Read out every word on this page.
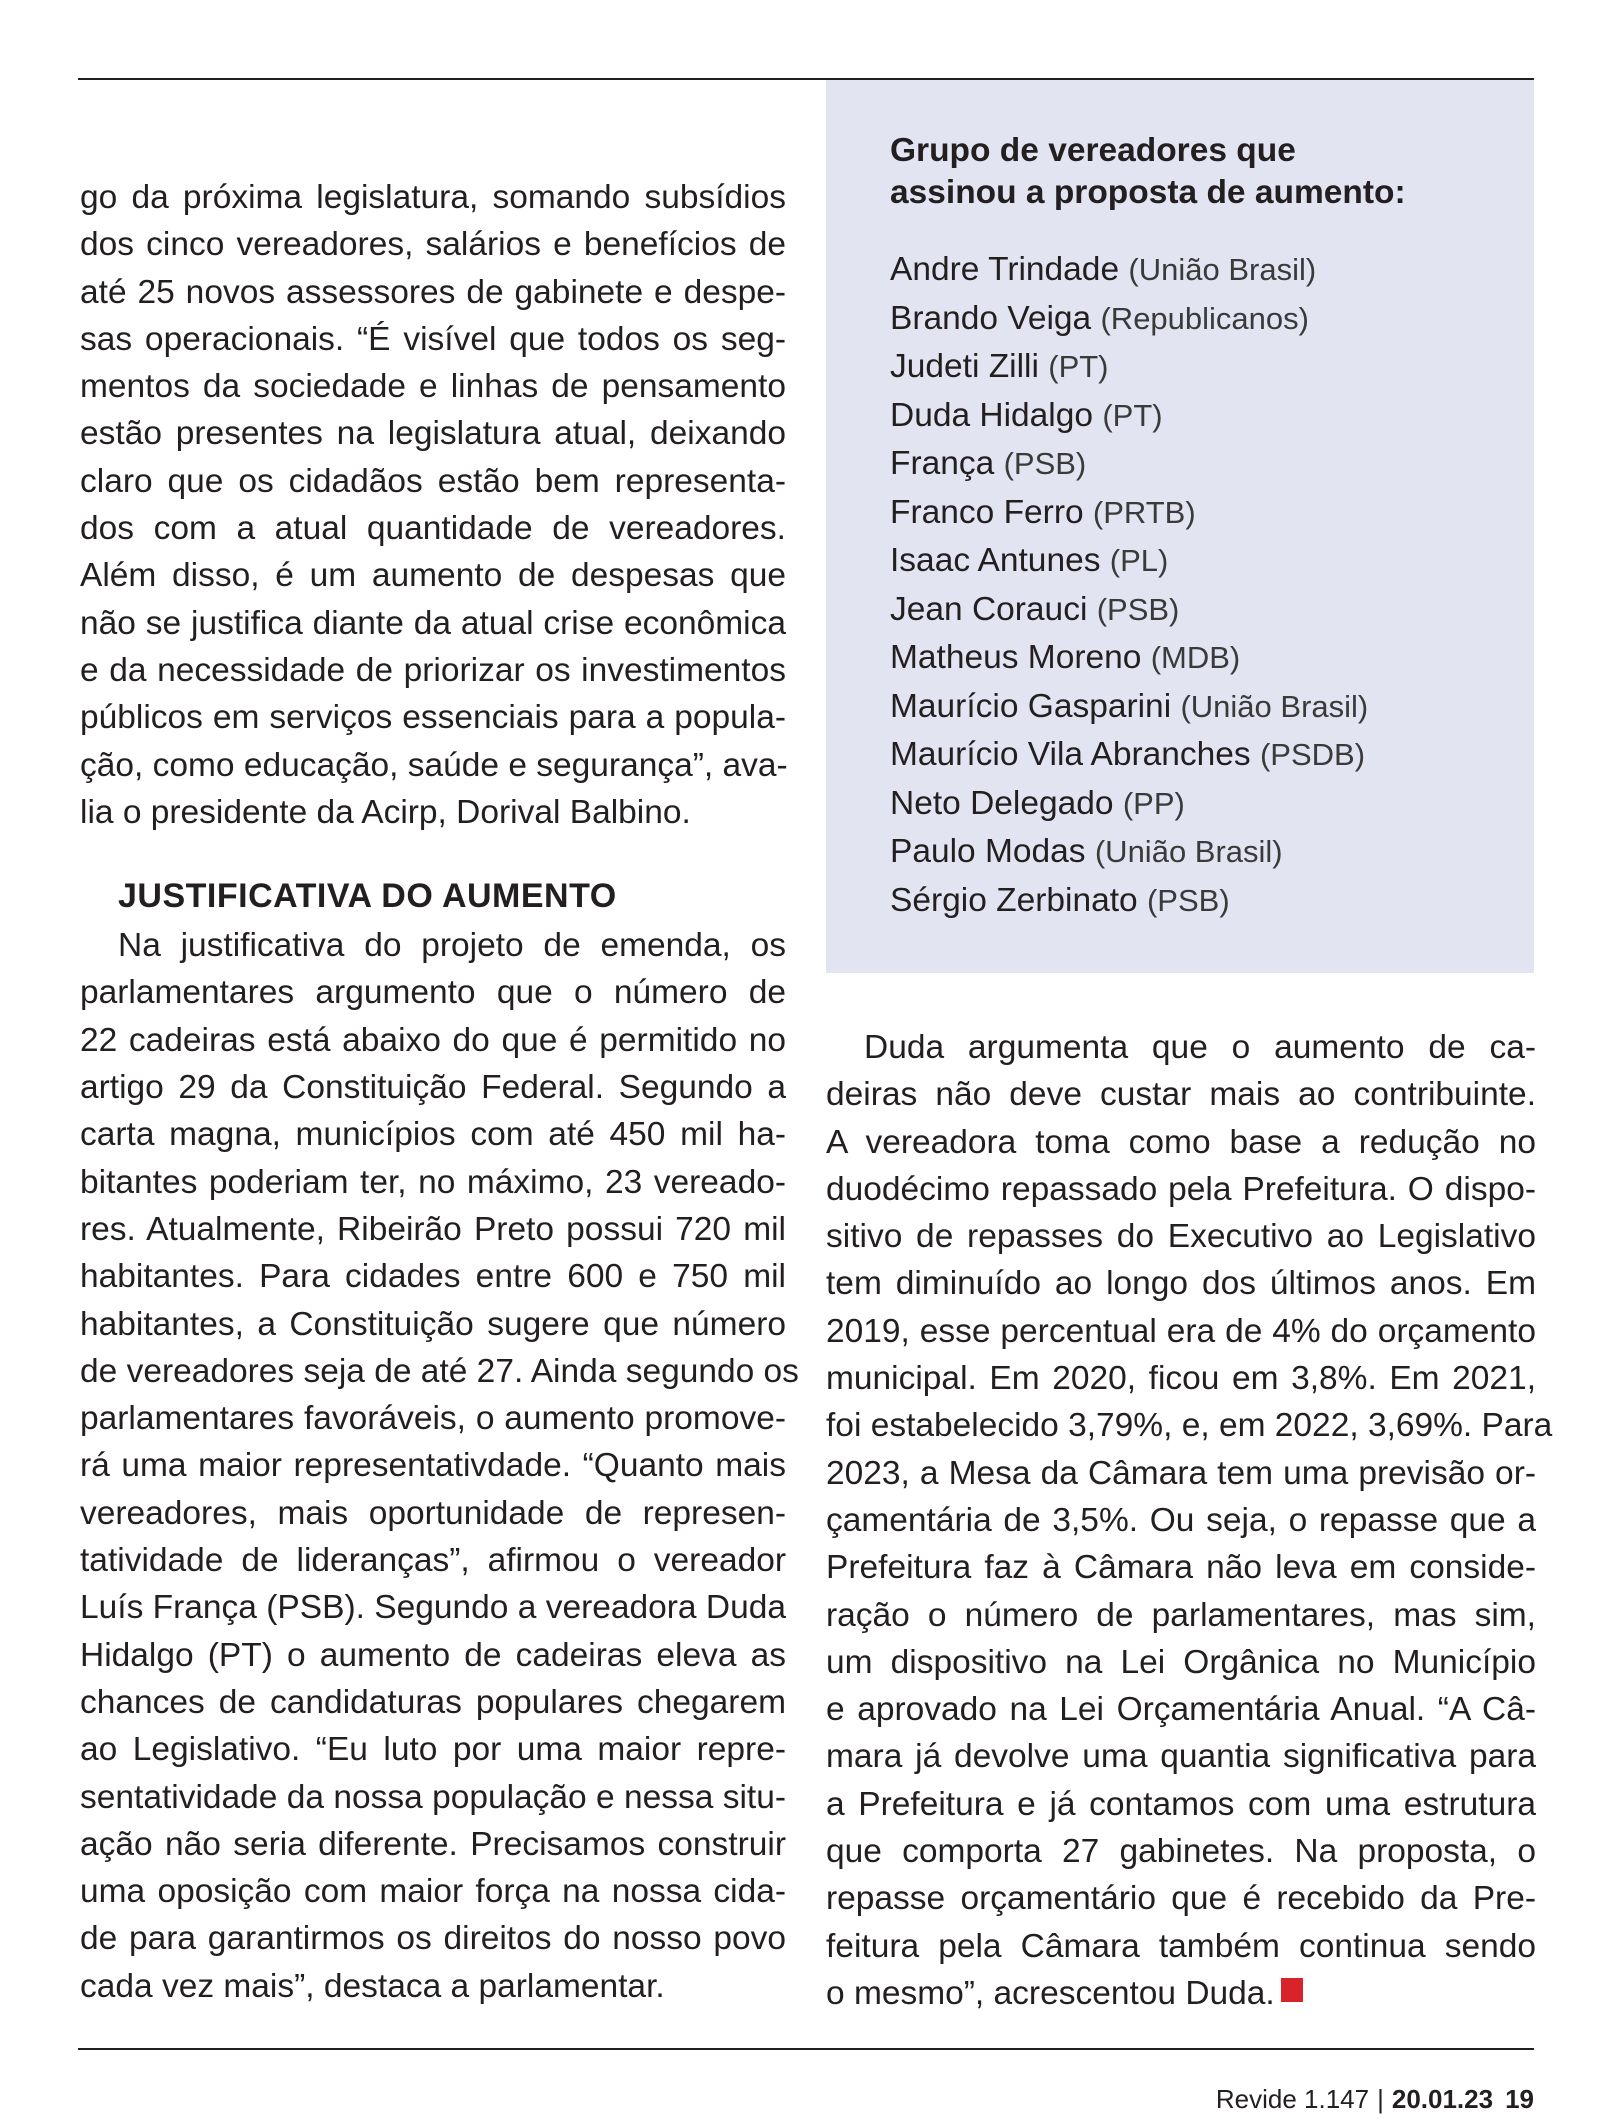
go da próxima legislatura, somando subsídios
dos cinco vereadores, salários e benefícios de
até 25 novos assessores de gabinete e despe-
sas operacionais. “É visível que todos os seg-
mentos da sociedade e linhas de pensamento
estão presentes na legislatura atual, deixando
claro que os cidadãos estão bem representa-
dos com a atual quantidade de vereadores.
Além disso, é um aumento de despesas que
não se justifica diante da atual crise econômica
e da necessidade de priorizar os investimentos
públicos em serviços essenciais para a popula-
ção, como educação, saúde e segurança”, ava-
lia o presidente da Acirp, Dorival Balbino.
JUSTIFICATIVA DO AUMENTO
Na justificativa do projeto de emenda, os
parlamentares argumento que o número de
22 cadeiras está abaixo do que é permitido no
artigo 29 da Constituição Federal. Segundo a
carta magna, municípios com até 450 mil ha-
bitantes poderiam ter, no máximo, 23 vereado-
res. Atualmente, Ribeirão Preto possui 720 mil
habitantes. Para cidades entre 600 e 750 mil
habitantes, a Constituição sugere que número
de vereadores seja de até 27. Ainda segundo os
parlamentares favoráveis, o aumento promove-
rá uma maior representativdade. “Quanto mais
vereadores, mais oportunidade de represen-
tatividade de lideranças”, afirmou o vereador
Luís França (PSB). Segundo a vereadora Duda
Hidalgo (PT) o aumento de cadeiras eleva as
chances de candidaturas populares chegarem
ao Legislativo. “Eu luto por uma maior repre-
sentatividade da nossa população e nessa situ-
ação não seria diferente. Precisamos construir
uma oposição com maior força na nossa cida-
de para garantirmos os direitos do nosso povo
cada vez mais”, destaca a parlamentar.
Grupo de vereadores que
assinou a proposta de aumento:
Andre Trindade (União Brasil)
Brando Veiga (Republicanos)
Judeti Zilli (PT)
Duda Hidalgo (PT)
França (PSB)
Franco Ferro (PRTB)
Isaac Antunes (PL)
Jean Corauci (PSB)
Matheus Moreno (MDB)
Maurício Gasparini (União Brasil)
Maurício Vila Abranches (PSDB)
Neto Delegado (PP)
Paulo Modas (União Brasil)
Sérgio Zerbinato (PSB)
Duda argumenta que o aumento de ca-
deiras não deve custar mais ao contribuinte.
A vereadora toma como base a redução no
duodécimo repassado pela Prefeitura. O dispo-
sitivo de repasses do Executivo ao Legislativo
tem diminuído ao longo dos últimos anos. Em
2019, esse percentual era de 4% do orçamento
municipal. Em 2020, ficou em 3,8%. Em 2021,
foi estabelecido 3,79%, e, em 2022, 3,69%. Para
2023, a Mesa da Câmara tem uma previsão or-
çamentária de 3,5%. Ou seja, o repasse que a
Prefeitura faz à Câmara não leva em conside-
ração o número de parlamentares, mas sim,
um dispositivo na Lei Orgânica no Município
e aprovado na Lei Orçamentária Anual. “A Câ-
mara já devolve uma quantia significativa para
a Prefeitura e já contamos com uma estrutura
que comporta 27 gabinetes. Na proposta, o
repasse orçamentário que é recebido da Pre-
feitura pela Câmara também continua sendo
o mesmo”, acrescentou Duda.
Revide 1.147 | 20.01.23 19
